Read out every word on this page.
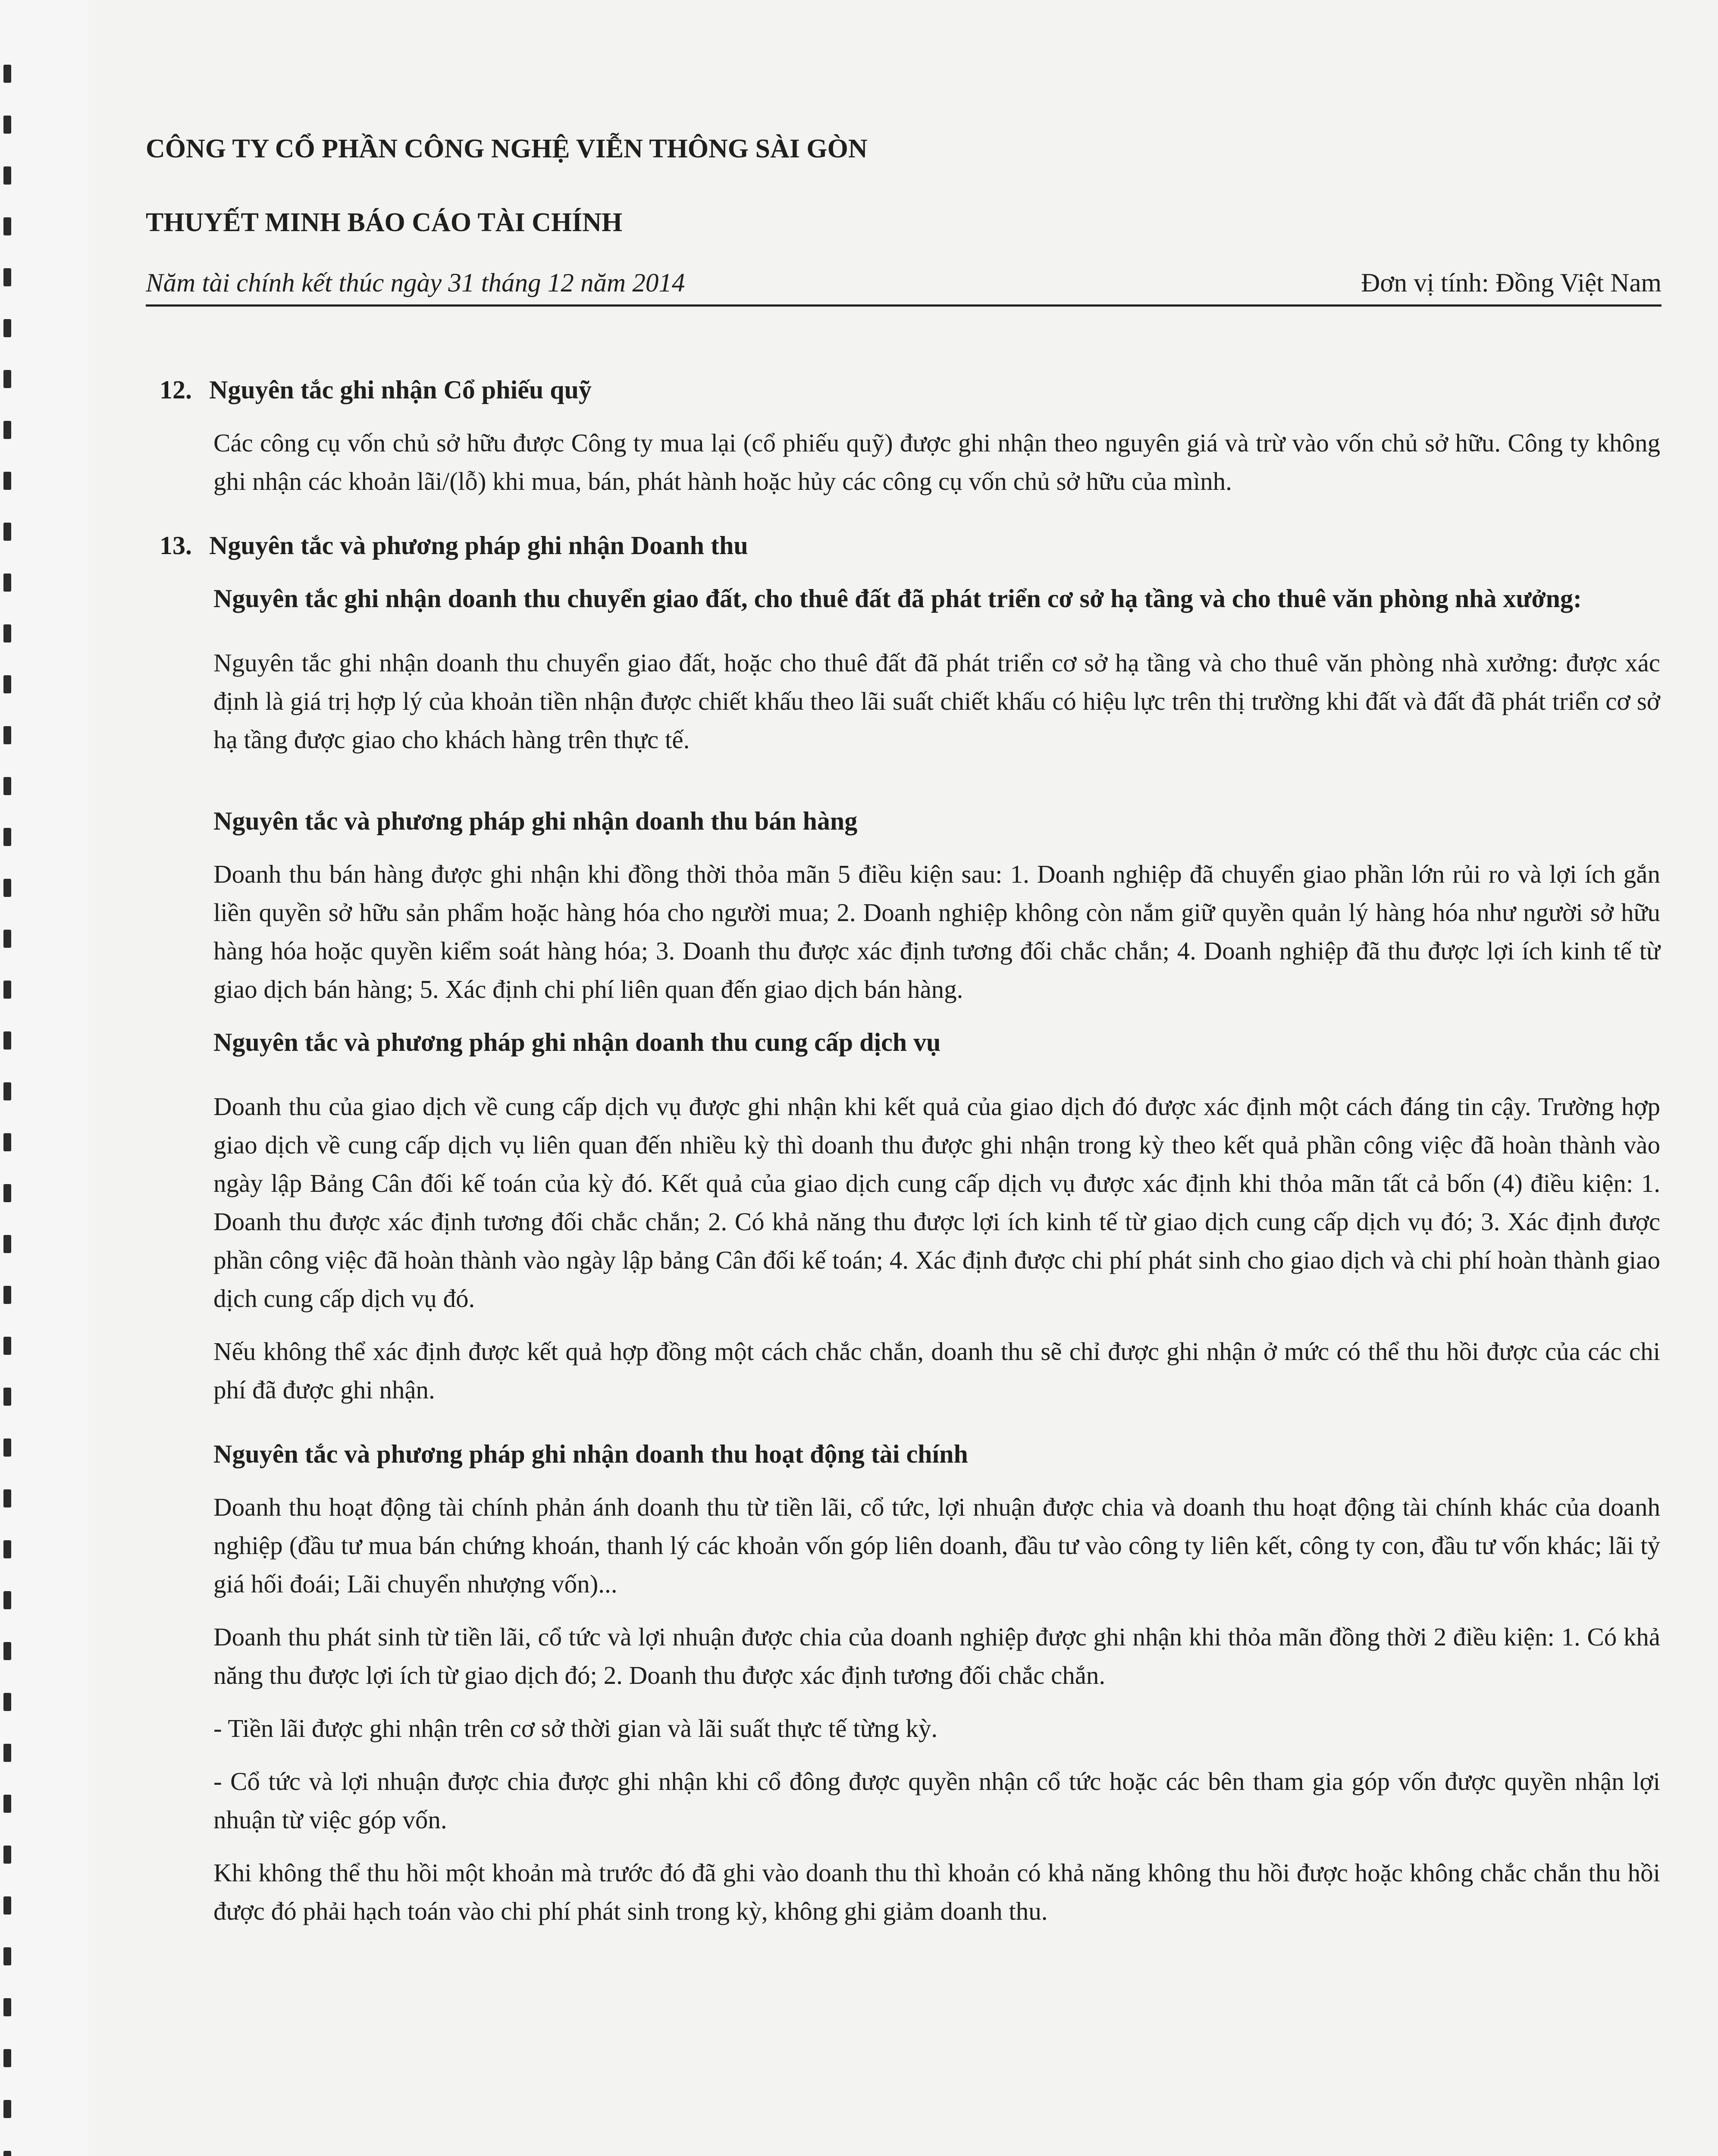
CÔNG TY CỔ PHẦN CÔNG NGHỆ VIỄN THÔNG SÀI GÒN

THUYẾT MINH BÁO CÁO TÀI CHÍNH

Năm tài chính kết thúc ngày 31 tháng 12 năm 2014	Đơn vị tính: Đồng Việt Nam

12. Nguyên tắc ghi nhận Cổ phiếu quỹ

Các công cụ vốn chủ sở hữu được Công ty mua lại (cổ phiếu quỹ) được ghi nhận theo nguyên giá và trừ vào vốn chủ sở hữu. Công ty không ghi nhận các khoản lãi/(lỗ) khi mua, bán, phát hành hoặc hủy các công cụ vốn chủ sở hữu của mình.

13. Nguyên tắc và phương pháp ghi nhận Doanh thu

Nguyên tắc ghi nhận doanh thu chuyển giao đất, cho thuê đất đã phát triển cơ sở hạ tầng và cho thuê văn phòng nhà xưởng:

Nguyên tắc ghi nhận doanh thu chuyển giao đất, hoặc cho thuê đất đã phát triển cơ sở hạ tầng và cho thuê văn phòng nhà xưởng: được xác định là giá trị hợp lý của khoản tiền nhận được chiết khấu theo lãi suất chiết khấu có hiệu lực trên thị trường khi đất và đất đã phát triển cơ sở hạ tầng được giao cho khách hàng trên thực tế.

Nguyên tắc và phương pháp ghi nhận doanh thu bán hàng

Doanh thu bán hàng được ghi nhận khi đồng thời thỏa mãn 5 điều kiện sau: 1. Doanh nghiệp đã chuyển giao phần lớn rủi ro và lợi ích gắn liền quyền sở hữu sản phẩm hoặc hàng hóa cho người mua; 2. Doanh nghiệp không còn nắm giữ quyền quản lý hàng hóa như người sở hữu hàng hóa hoặc quyền kiểm soát hàng hóa; 3. Doanh thu được xác định tương đối chắc chắn; 4. Doanh nghiệp đã thu được lợi ích kinh tế từ giao dịch bán hàng; 5. Xác định chi phí liên quan đến giao dịch bán hàng.

Nguyên tắc và phương pháp ghi nhận doanh thu cung cấp dịch vụ

Doanh thu của giao dịch về cung cấp dịch vụ được ghi nhận khi kết quả của giao dịch đó được xác định một cách đáng tin cậy. Trường hợp giao dịch về cung cấp dịch vụ liên quan đến nhiều kỳ thì doanh thu được ghi nhận trong kỳ theo kết quả phần công việc đã hoàn thành vào ngày lập Bảng Cân đối kế toán của kỳ đó. Kết quả của giao dịch cung cấp dịch vụ được xác định khi thỏa mãn tất cả bốn (4) điều kiện: 1. Doanh thu được xác định tương đối chắc chắn; 2. Có khả năng thu được lợi ích kinh tế từ giao dịch cung cấp dịch vụ đó; 3. Xác định được phần công việc đã hoàn thành vào ngày lập bảng Cân đối kế toán; 4. Xác định được chi phí phát sinh cho giao dịch và chi phí hoàn thành giao dịch cung cấp dịch vụ đó.

Nếu không thể xác định được kết quả hợp đồng một cách chắc chắn, doanh thu sẽ chỉ được ghi nhận ở mức có thể thu hồi được của các chi phí đã được ghi nhận.

Nguyên tắc và phương pháp ghi nhận doanh thu hoạt động tài chính

Doanh thu hoạt động tài chính phản ánh doanh thu từ tiền lãi, cổ tức, lợi nhuận được chia và doanh thu hoạt động tài chính khác của doanh nghiệp (đầu tư mua bán chứng khoán, thanh lý các khoản vốn góp liên doanh, đầu tư vào công ty liên kết, công ty con, đầu tư vốn khác; lãi tỷ giá hối đoái; Lãi chuyển nhượng vốn)...

Doanh thu phát sinh từ tiền lãi, cổ tức và lợi nhuận được chia của doanh nghiệp được ghi nhận khi thỏa mãn đồng thời 2 điều kiện: 1. Có khả năng thu được lợi ích từ giao dịch đó; 2. Doanh thu được xác định tương đối chắc chắn.

- Tiền lãi được ghi nhận trên cơ sở thời gian và lãi suất thực tế từng kỳ.

- Cổ tức và lợi nhuận được chia được ghi nhận khi cổ đông được quyền nhận cổ tức hoặc các bên tham gia góp vốn được quyền nhận lợi nhuận từ việc góp vốn.

Khi không thể thu hồi một khoản mà trước đó đã ghi vào doanh thu thì khoản có khả năng không thu hồi được hoặc không chắc chắn thu hồi được đó phải hạch toán vào chi phí phát sinh trong kỳ, không ghi giảm doanh thu.
